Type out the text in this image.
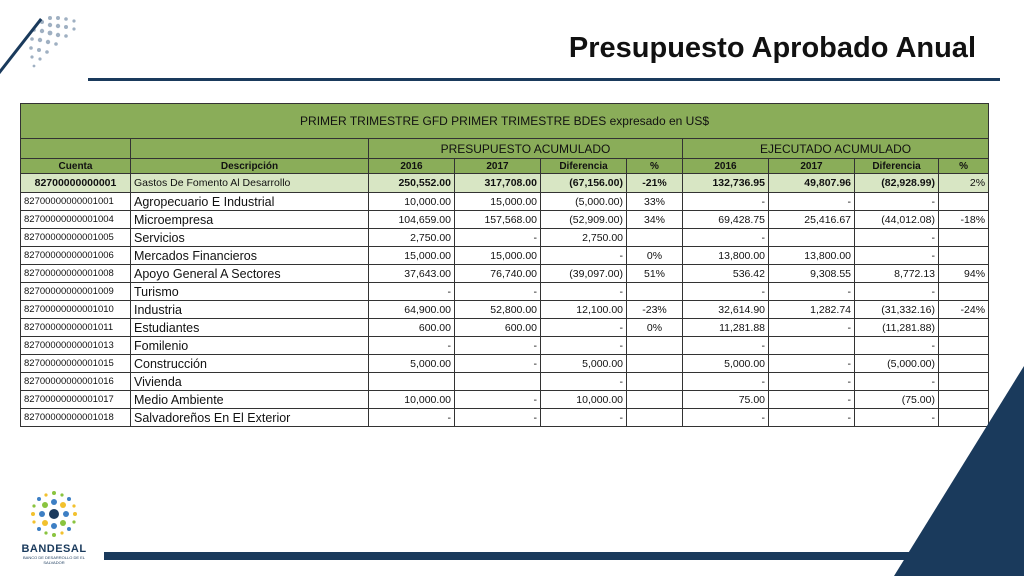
Presupuesto Aprobado Anual
PRIMER TRIMESTRE GFD PRIMER TRIMESTRE BDES expresado en US$									
		PRESUPUESTO ACUMULADO				EJECUTADO ACUMULADO			
Cuenta	Descripción	2016	2017	Diferencia	%	2016	2017	Diferencia	%
82700000000001	Gastos De Fomento Al Desarrollo	250,552.00	317,708.00	(67,156.00)	-21%	132,736.95	49,807.96	(82,928.99)	2%
82700000000001001	Agropecuario E Industrial	10,000.00	15,000.00	(5,000.00)	33%	-	-	-	
82700000000001004	Microempresa	104,659.00	157,568.00	(52,909.00)	34%	69,428.75	25,416.67	(44,012.08)	-18%
82700000000001005	Servicios	2,750.00	-	2,750.00		-		-	
82700000000001006	Mercados Financieros	15,000.00	15,000.00	-	0%	13,800.00	13,800.00	-	
82700000000001008	Apoyo General A Sectores	37,643.00	76,740.00	(39,097.00)	51%	536.42	9,308.55	8,772.13	94%
82700000000001009	Turismo	-	-	-		-	-	-	
82700000000001010	Industria	64,900.00	52,800.00	12,100.00	-23%	32,614.90	1,282.74	(31,332.16)	-24%
82700000000001011	Estudiantes	600.00	600.00	-	0%	11,281.88	-	(11,281.88)	
82700000000001013	Fomilenio	-	-	-		-		-	
82700000000001015	Construcción	5,000.00	-	5,000.00		5,000.00	-	(5,000.00)	
82700000000001016	Vivienda			-		-	-	-	
82700000000001017	Medio Ambiente	10,000.00	-	10,000.00		75.00	-	(75.00)	
82700000000001018	Salvadoreños En El Exterior	-	-	-		-	-	-	
BANDESAL
BANCO DE DESARROLLO DE EL SALVADOR
